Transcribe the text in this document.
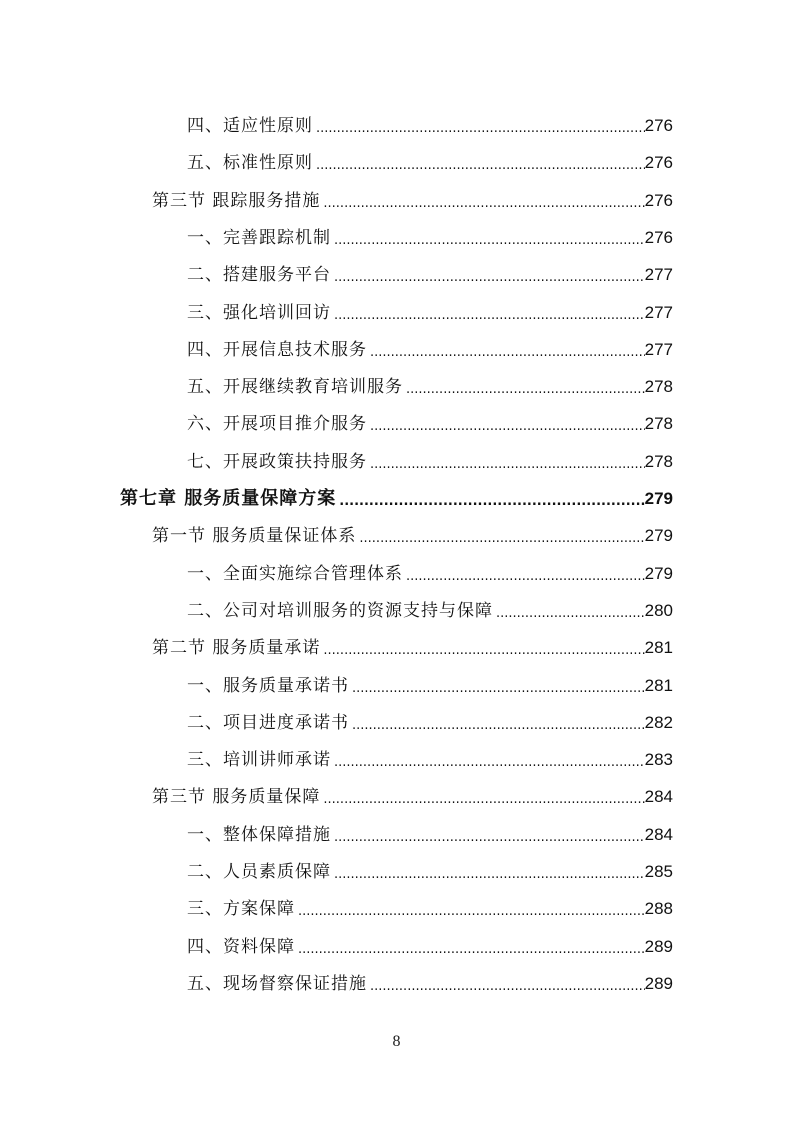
四、适应性原则 .....	276
五、标准性原则 .....	276
第三节 跟踪服务措施 .....	276
一、完善跟踪机制 .....	276
二、搭建服务平台 .....	277
三、强化培训回访 .....	277
四、开展信息技术服务 .....	277
五、开展继续教育培训服务 .....	278
六、开展项目推介服务 .....	278
七、开展政策扶持服务 .....	278
第七章 服务质量保障方案 .....	279
第一节 服务质量保证体系 .....	279
一、全面实施综合管理体系 .....	279
二、公司对培训服务的资源支持与保障 .....	280
第二节 服务质量承诺 .....	281
一、服务质量承诺书 .....	281
二、项目进度承诺书 .....	282
三、培训讲师承诺 .....	283
第三节 服务质量保障 .....	284
一、整体保障措施 .....	284
二、人员素质保障 .....	285
三、方案保障 .....	288
四、资料保障 .....	289
五、现场督察保证措施 .....	289
8
